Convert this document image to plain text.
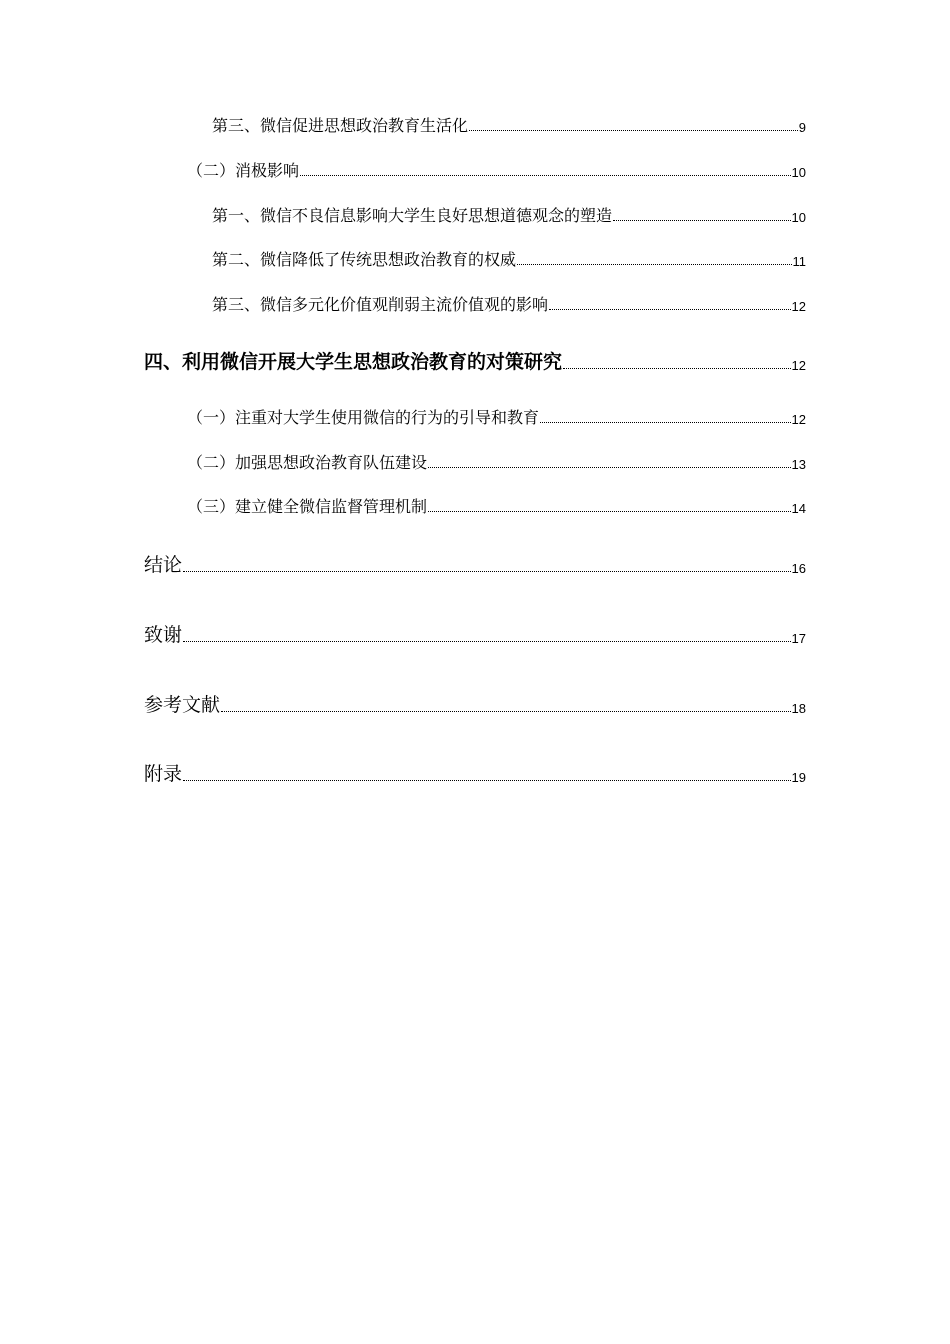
第三、微信促进思想政治教育生活化	9
（二）消极影响	10
第一、微信不良信息影响大学生良好思想道德观念的塑造	10
第二、微信降低了传统思想政治教育的权威	11
第三、微信多元化价值观削弱主流价值观的影响	12
四、利用微信开展大学生思想政治教育的对策研究	12
（一）注重对大学生使用微信的行为的引导和教育	12
（二）加强思想政治教育队伍建设	13
（三）建立健全微信监督管理机制	14
结论	16
致谢	17
参考文献	18
附录	19
